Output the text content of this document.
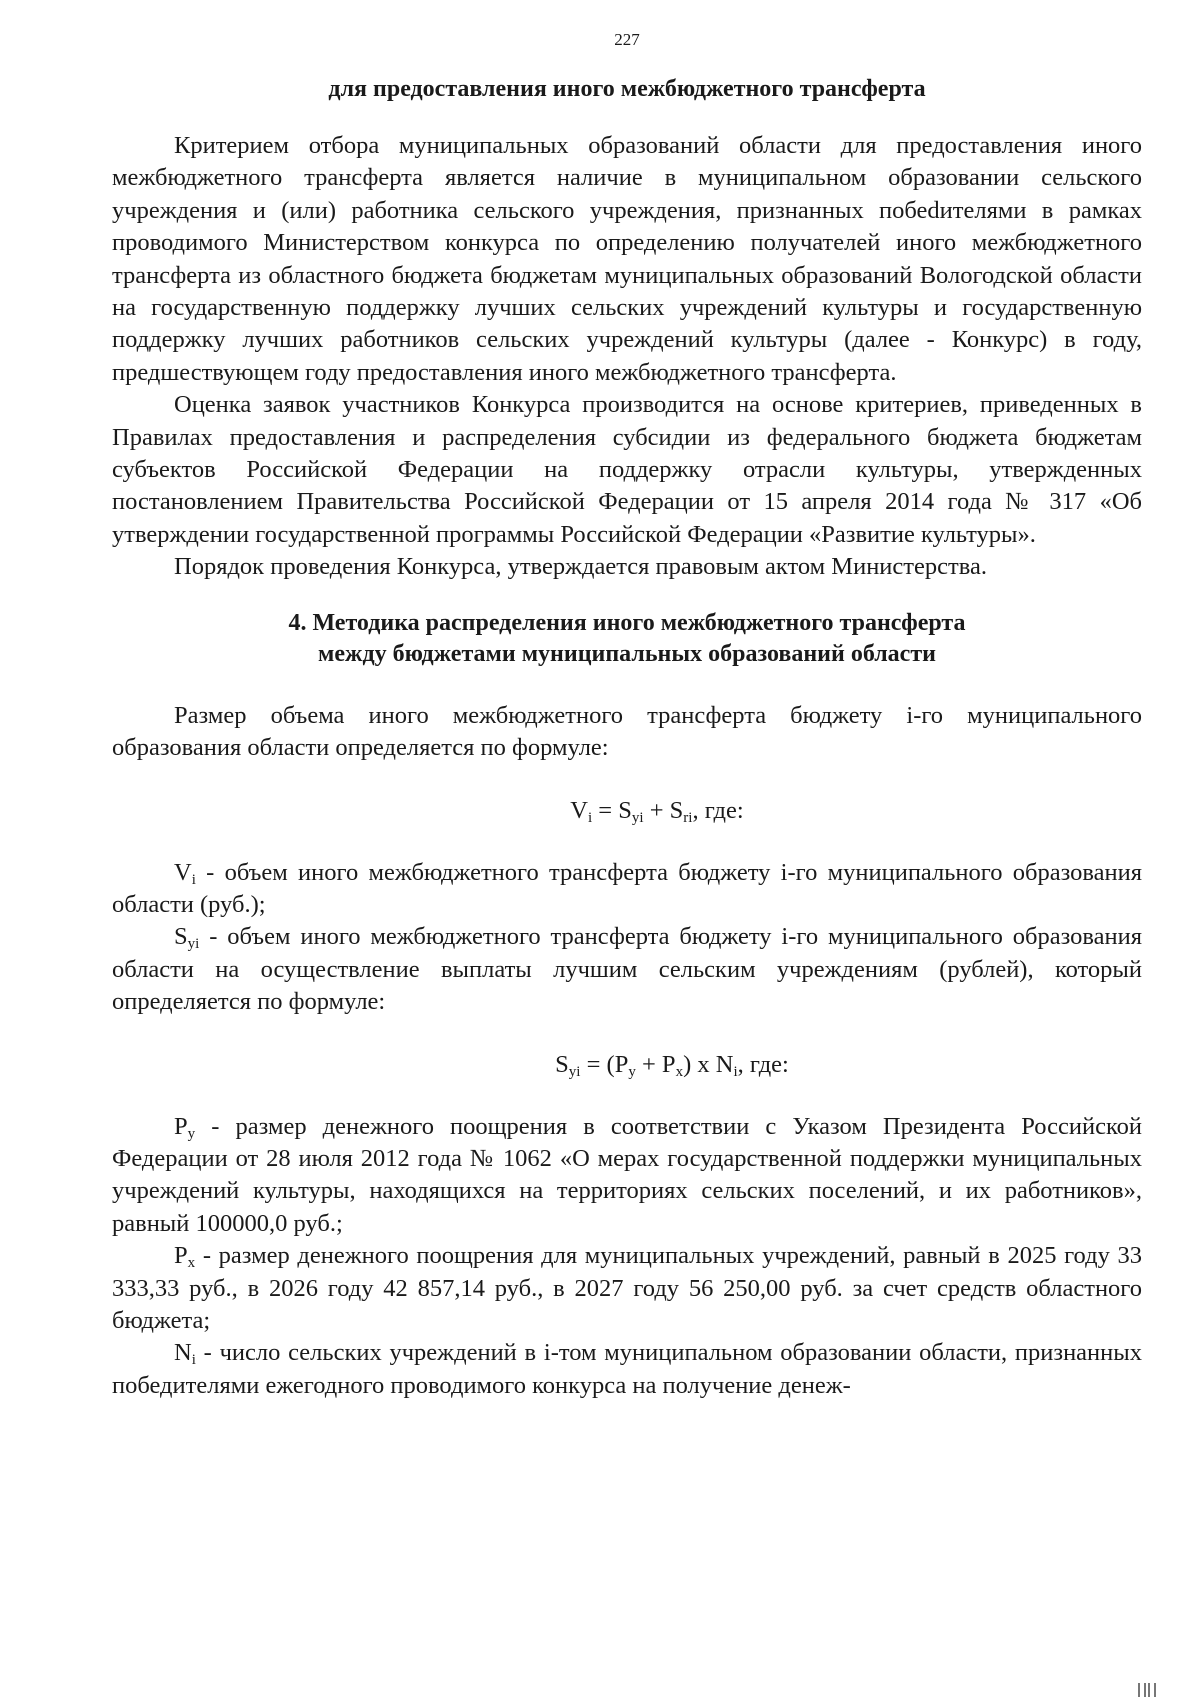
227
для предоставления иного межбюджетного трансферта

Критерием отбора муниципальных образований области для предоставления иного межбюджетного трансферта является наличие в муниципальном образовании сельского учреждения и (или) работника сельского учреждения, признанных побеdителями в рамках проводимого Министерством конкурса по определению получателей иного межбюджетного трансферта из областного бюджета бюджетам муниципальных образований Вологодской области на государственную поддержку лучших сельских учреждений культуры и государственную поддержку лучших работников сельских учреждений культуры (далее - Конкурс) в году, предшествующем году предоставления иного межбюджетного трансферта.

Оценка заявок участников Конкурса производится на основе критериев, приведенных в Правилах предоставления и распределения субсидии из федерального бюджета бюджетам субъектов Российской Федерации на поддержку отрасли культуры, утвержденных постановлением Правительства Российской Федерации от 15 апреля 2014 года № 317 «Об утверждении государственной программы Российской Федерации «Развитие культуры».

Порядок проведения Конкурса, утверждается правовым актом Министерства.

4. Методика распределения иного межбюджетного трансферта
между бюджетами муниципальных образований области

Размер объема иного межбюджетного трансферта бюджету i-го муниципального образования области определяется по формуле:

$V_i = S_{yi} + S_{ri}$, где:

$V_i$ - объем иного межбюджетного трансферта бюджету i-го муниципального образования области (руб.);

$S_{yi}$ - объем иного межбюджетного трансферта бюджету i-го муниципального образования области на осуществление выплаты лучшим сельским учреждениям (рублей), который определяется по формуле:

$S_{yi} = (P_y + P_x)$ x $N_i$, где:

$P_y$ - размер денежного поощрения в соответствии с Указом Президента Российской Федерации от 28 июля 2012 года № 1062 «О мерах государственной поддержки муниципальных учреждений культуры, находящихся на территориях сельских поселений, и их работников», равный 100000,0 руб.;

$P_x$ - размер денежного поощрения для муниципальных учреждений, равный в 2025 году 33 333,33 руб., в 2026 году 42 857,14 руб., в 2027 году 56 250,00 руб. за счет средств областного бюджета;

$N_i$ - число сельских учреждений в i-том муниципальном образовании области, признанных победителями ежегодного проводимого конкурса на получение денеж-
